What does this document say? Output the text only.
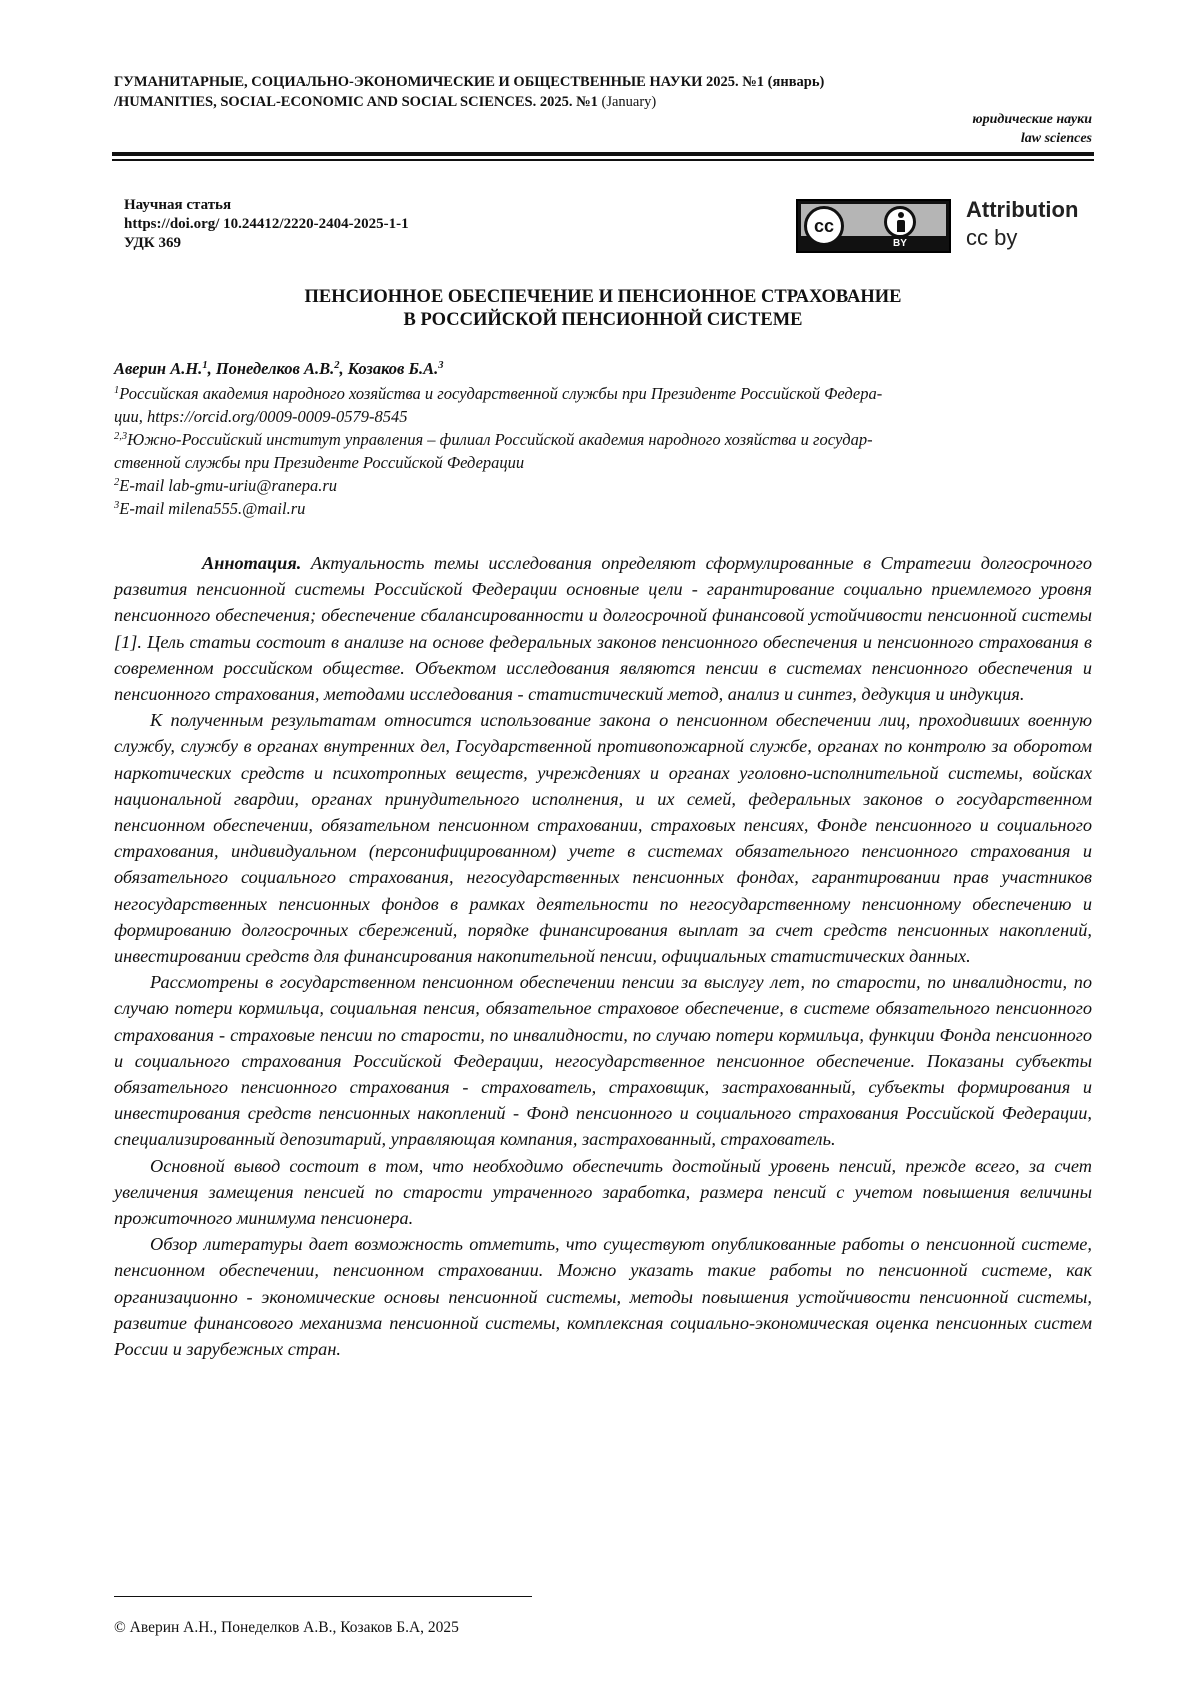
ГУМАНИТАРНЫЕ, СОЦИАЛЬНО-ЭКОНОМИЧЕСКИЕ И ОБЩЕСТВЕННЫЕ НАУКИ 2025. №1 (январь)
/HUMANITIES, SOCIAL-ECONOMIC AND SOCIAL SCIENCES. 2025. №1 (January)
юридические науки
law sciences
Научная статья
https://doi.org/ 10.24412/2220-2404-2025-1-1
УДК 369
cc
BY
Attribution
cc by
ПЕНСИОННОЕ ОБЕСПЕЧЕНИЕ И ПЕНСИОННОЕ СТРАХОВАНИЕ
В РОССИЙСКОЙ ПЕНСИОННОЙ СИСТЕМЕ
Аверин А.Н.$^1$, Понеделков А.В.$^2$, Козаков Б.А.$^3$

$^1$Российская академия народного хозяйства и государственной службы при Президенте Российской Федера-

ции, https://orcid.org/0009-0009-0579-8545

$^{2,3}$Южно-Российский институт управления – филиал Российской академия народного хозяйства и государ-

ственной службы при Президенте Российской Федерации

$^2$E-mail lab-gmu-uriu@ranepa.ru

$^3$E-mail milena555.@mail.ru

Аннотация. Актуальность темы исследования определяют сформулированные в Стратегии долгосрочного развития пенсионной системы Российской Федерации основные цели - гарантирование социально приемлемого уровня пенсионного обеспечения; обеспечение сбалансированности и долгосрочной финансовой устойчивости пенсионной системы [1]. Цель статьи состоит в анализе на основе федеральных законов пенсионного обеспечения и пенсионного страхования в современном российском обществе. Объектом исследования являются пенсии в системах пенсионного обеспечения и пенсионного страхования, методами исследования - статистический метод, анализ и синтез, дедукция и индукция.

К полученным результатам относится использование закона о пенсионном обеспечении лиц, проходивших военную службу, службу в органах внутренних дел, Государственной противопожарной службе, органах по контролю за оборотом наркотических средств и психотропных веществ, учреждениях и органах уголовно-исполнительной системы, войсках национальной гвардии, органах принудительного исполнения, и их семей, федеральных законов о государственном пенсионном обеспечении, обязательном пенсионном страховании, страховых пенсиях, Фонде пенсионного и социального страхования, индивидуальном (персонифицированном) учете в системах обязательного пенсионного страхования и обязательного социального страхования, негосударственных пенсионных фондах, гарантировании прав участников негосударственных пенсионных фондов в рамках деятельности по негосударственному пенсионному обеспечению и формированию долгосрочных сбережений, порядке финансирования выплат за счет средств пенсионных накоплений, инвестировании средств для финансирования накопительной пенсии, официальных статистических данных.

Рассмотрены в государственном пенсионном обеспечении пенсии за выслугу лет, по старости, по инвалидности, по случаю потери кормильца, социальная пенсия, обязательное страховое обеспечение, в системе обязательного пенсионного страхования - страховые пенсии по старости, по инвалидности, по случаю потери кормильца, функции Фонда пенсионного и социального страхования Российской Федерации, негосударственное пенсионное обеспечение. Показаны субъекты обязательного пенсионного страхования - страхователь, страховщик, застрахованный, субъекты формирования и инвестирования средств пенсионных накоплений - Фонд пенсионного и социального страхования Российской Федерации, специализированный депозитарий, управляющая компания, застрахованный, страхователь.

Основной вывод состоит в том, что необходимо обеспечить достойный уровень пенсий, прежде всего, за счет увеличения замещения пенсией по старости утраченного заработка, размера пенсий с учетом повышения величины прожиточного минимума пенсионера.

Обзор литературы дает возможность отметить, что существуют опубликованные работы о пенсионной системе, пенсионном обеспечении, пенсионном страховании. Можно указать такие работы по пенсионной системе, как организационно - экономические основы пенсионной системы, методы повышения устойчивости пенсионной системы, развитие финансового механизма пенсионной системы, комплексная социально-экономическая оценка пенсионных систем России и зарубежных стран.

© Аверин А.Н., Понеделков А.В., Козаков Б.А, 2025
